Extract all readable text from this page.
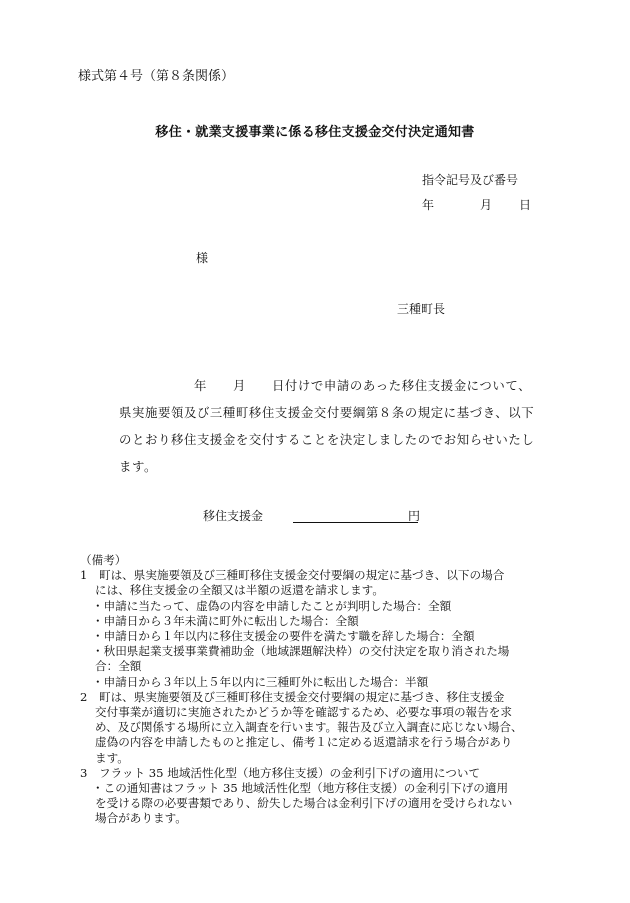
様式第４号（第８条関係）
移住・就業支援事業に係る移住支援金交付決定通知書
指令記号及び番号
年	月 日
様
三種町長
年　　月　　日付けで申請のあった移住支援金について、
県実施要領及び三種町移住支援金交付要綱第８条の規定に基づき、以下
のとおり移住支援金を交付することを決定しましたのでお知らせいたし
ます。
移住支援金	円
（備考）
1　町は、県実施要領及び三種町移住支援金交付要綱の規定に基づき、以下の場合
には、移住支援金の全額又は半額の返還を請求します。
・申請に当たって、虚偽の内容を申請したことが判明した場合：全額
・申請日から３年未満に町外に転出した場合：全額
・申請日から１年以内に移住支援金の要件を満たす職を辞した場合：全額
・秋田県起業支援事業費補助金（地域課題解決枠）の交付決定を取り消された場
合：全額
・申請日から３年以上５年以内に三種町外に転出した場合：半額
2　町は、県実施要領及び三種町移住支援金交付要綱の規定に基づき、移住支援金
交付事業が適切に実施されたかどうか等を確認するため、必要な事項の報告を求
め、及び関係する場所に立入調査を行います。報告及び立入調査に応じない場合、
虚偽の内容を申請したものと推定し、備考１に定める返還請求を行う場合があり
ます。
3　フラット 35 地域活性化型（地方移住支援）の金利引下げの適用について
・この通知書はフラット 35 地域活性化型（地方移住支援）の金利引下げの適用
を受ける際の必要書類であり、紛失した場合は金利引下げの適用を受けられない
場合があります。
